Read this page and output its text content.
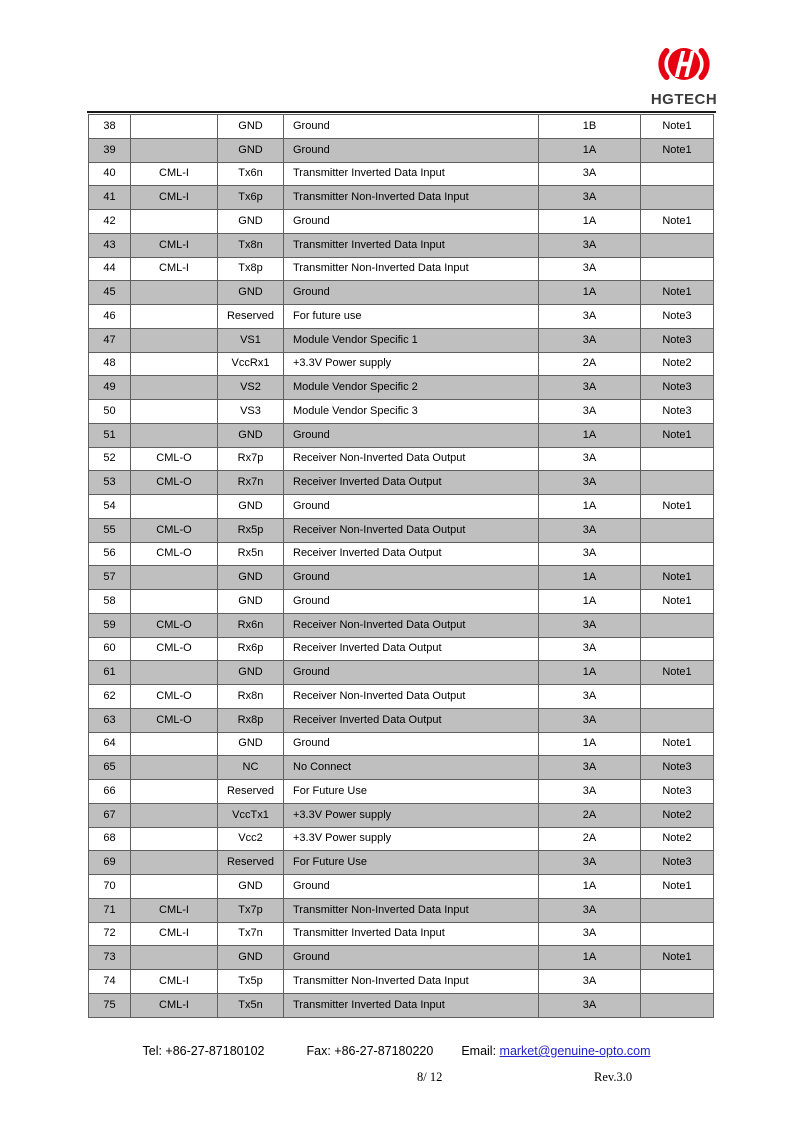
HGTECH
38		GND	Ground	1B	Note1
39		GND	Ground	1A	Note1
40	CML-I	Tx6n	Transmitter Inverted Data Input	3A	
41	CML-I	Tx6p	Transmitter Non-Inverted Data Input	3A	
42		GND	Ground	1A	Note1
43	CML-I	Tx8n	Transmitter Inverted Data Input	3A	
44	CML-I	Tx8p	Transmitter Non-Inverted Data Input	3A	
45		GND	Ground	1A	Note1
46		Reserved	For future use	3A	Note3
47		VS1	Module Vendor Specific 1	3A	Note3
48		VccRx1	+3.3V Power supply	2A	Note2
49		VS2	Module Vendor Specific 2	3A	Note3
50		VS3	Module Vendor Specific 3	3A	Note3
51		GND	Ground	1A	Note1
52	CML-O	Rx7p	Receiver Non-Inverted Data Output	3A	
53	CML-O	Rx7n	Receiver Inverted Data Output	3A	
54		GND	Ground	1A	Note1
55	CML-O	Rx5p	Receiver Non-Inverted Data Output	3A	
56	CML-O	Rx5n	Receiver Inverted Data Output	3A	
57		GND	Ground	1A	Note1
58		GND	Ground	1A	Note1
59	CML-O	Rx6n	Receiver Non-Inverted Data Output	3A	
60	CML-O	Rx6p	Receiver Inverted Data Output	3A	
61		GND	Ground	1A	Note1
62	CML-O	Rx8n	Receiver Non-Inverted Data Output	3A	
63	CML-O	Rx8p	Receiver Inverted Data Output	3A	
64		GND	Ground	1A	Note1
65		NC	No Connect	3A	Note3
66		Reserved	For Future Use	3A	Note3
67		VccTx1	+3.3V Power supply	2A	Note2
68		Vcc2	+3.3V Power supply	2A	Note2
69		Reserved	For Future Use	3A	Note3
70		GND	Ground	1A	Note1
71	CML-I	Tx7p	Transmitter Non-Inverted Data Input	3A	
72	CML-I	Tx7n	Transmitter Inverted Data Input	3A	
73		GND	Ground	1A	Note1
74	CML-I	Tx5p	Transmitter Non-Inverted Data Input	3A	
75	CML-I	Tx5n	Transmitter Inverted Data Input	3A	
Tel: +86-27-87180102	Fax: +86-27-87180220 Email: market@genuine-opto.com
8/ 12	Rev.3.0
